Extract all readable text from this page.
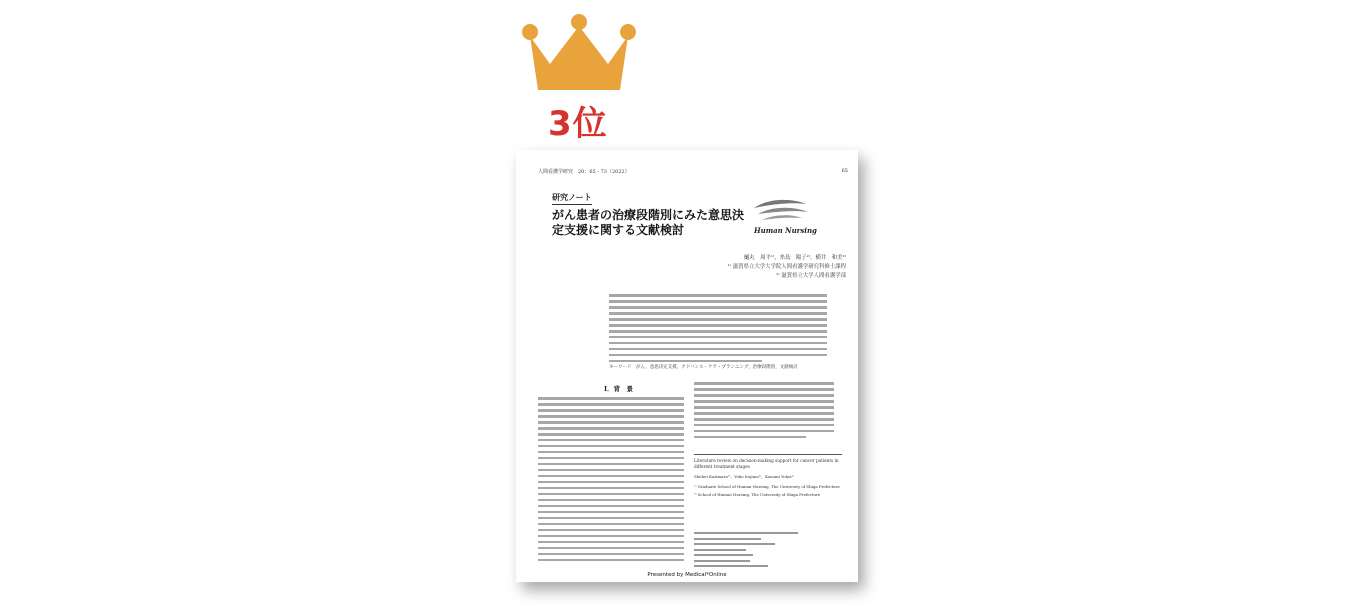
3位
人間看護学研究　20：65 - 73（2022）	65
研究ノート
がん患者の治療段階別にみた意思決定支援に関する文献検討	Human Nursing
樋丸　周平¹⁾，糸島　陽子²⁾，横井　和美²⁾
¹⁾ 滋賀県立大学大学院人間看護学研究科修士課程
²⁾ 滋賀県立大学人間看護学部
キーワード　がん，意思決定支援，アドバンス・ケア・プランニング，治療段階別，文献検討
Ⅰ．背　景
Literature review on decision-making support for cancer patients in different treatment stages
Shuhei Kazimaru¹⁾，Yoko Itojima²⁾，Kazumi Yokoi²⁾
¹⁾ Graduate School of Human Nursing, The University of Shiga Prefecture
²⁾ School of Human Nursing, The University of Shiga Prefecture
Presented by Medical*Online
